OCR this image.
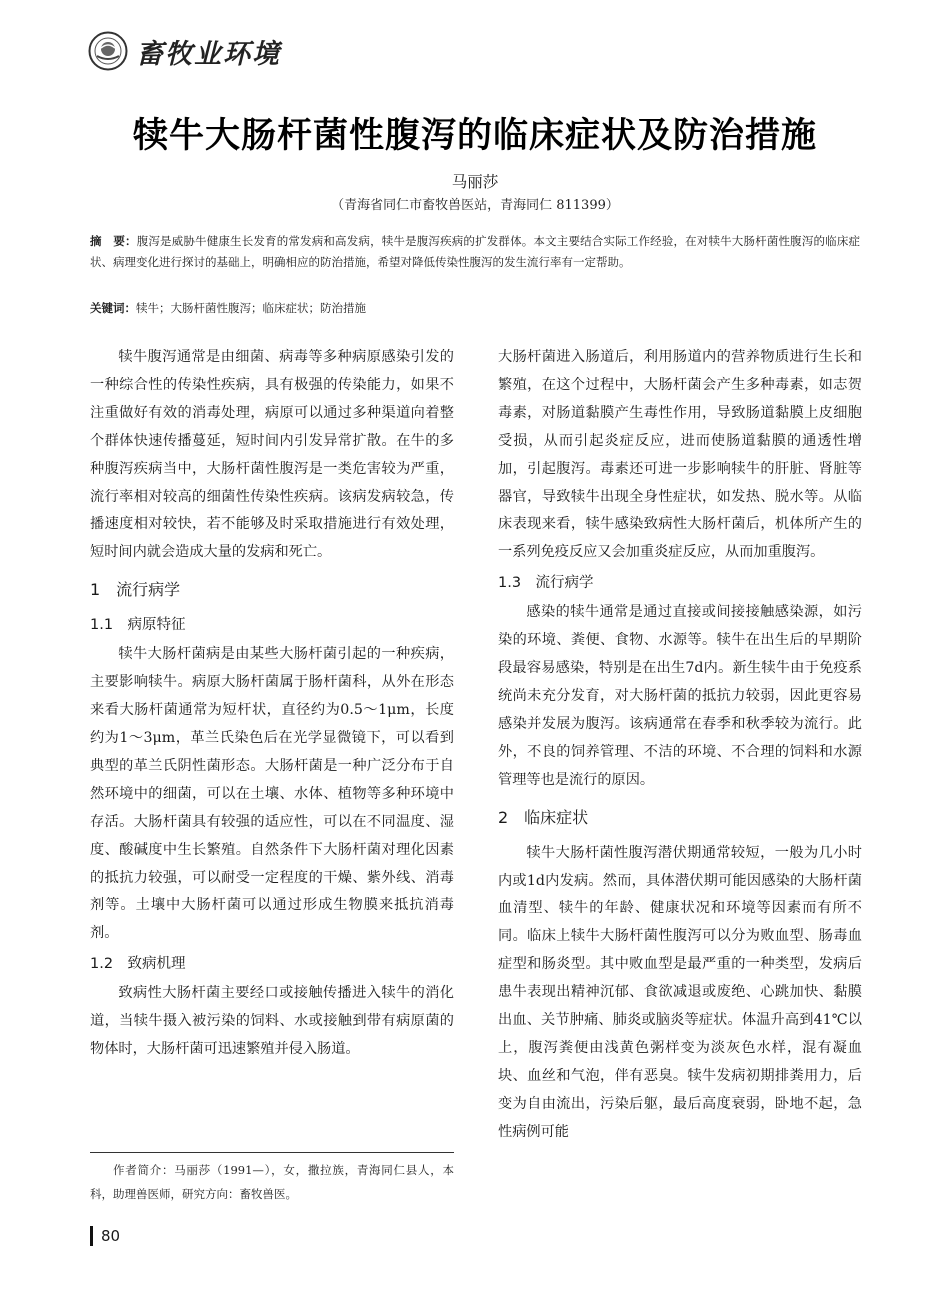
畜牧业环境
犊牛大肠杆菌性腹泻的临床症状及防治措施
马丽莎
（青海省同仁市畜牧兽医站，青海同仁 811399）
摘　要：腹泻是威胁牛健康生长发育的常发病和高发病，犊牛是腹泻疾病的扩发群体。本文主要结合实际工作经验，在对犊牛大肠杆菌性腹泻的临床症状、病理变化进行探讨的基础上，明确相应的防治措施，希望对降低传染性腹泻的发生流行率有一定帮助。
关键词：犊牛；大肠杆菌性腹泻；临床症状；防治措施

犊牛腹泻通常是由细菌、病毒等多种病原感染引发的一种综合性的传染性疾病，具有极强的传染能力，如果不注重做好有效的消毒处理，病原可以通过多种渠道向着整个群体快速传播蔓延，短时间内引发异常扩散。在牛的多种腹泻疾病当中，大肠杆菌性腹泻是一类危害较为严重，流行率相对较高的细菌性传染性疾病。该病发病较急，传播速度相对较快，若不能够及时采取措施进行有效处理，短时间内就会造成大量的发病和死亡。

1　流行病学
1.1　病原特征

犊牛大肠杆菌病是由某些大肠杆菌引起的一种疾病，主要影响犊牛。病原大肠杆菌属于肠杆菌科，从外在形态来看大肠杆菌通常为短杆状，直径约为0.5～1μm，长度约为1～3μm，革兰氏染色后在光学显微镜下，可以看到典型的革兰氏阴性菌形态。大肠杆菌是一种广泛分布于自然环境中的细菌，可以在土壤、水体、植物等多种环境中存活。大肠杆菌具有较强的适应性，可以在不同温度、湿度、酸碱度中生长繁殖。自然条件下大肠杆菌对理化因素的抵抗力较强，可以耐受一定程度的干燥、紫外线、消毒剂等。土壤中大肠杆菌可以通过形成生物膜来抵抗消毒剂。

1.2　致病机理

致病性大肠杆菌主要经口或接触传播进入犊牛的消化道，当犊牛摄入被污染的饲料、水或接触到带有病原菌的物体时，大肠杆菌可迅速繁殖并侵入肠道。

大肠杆菌进入肠道后，利用肠道内的营养物质进行生长和繁殖，在这个过程中，大肠杆菌会产生多种毒素，如志贺毒素，对肠道黏膜产生毒性作用，导致肠道黏膜上皮细胞受损，从而引起炎症反应，进而使肠道黏膜的通透性增加，引起腹泻。毒素还可进一步影响犊牛的肝脏、肾脏等器官，导致犊牛出现全身性症状，如发热、脱水等。从临床表现来看，犊牛感染致病性大肠杆菌后，机体所产生的一系列免疫反应又会加重炎症反应，从而加重腹泻。

1.3　流行病学

感染的犊牛通常是通过直接或间接接触感染源，如污染的环境、粪便、食物、水源等。犊牛在出生后的早期阶段最容易感染，特别是在出生7d内。新生犊牛由于免疫系统尚未充分发育，对大肠杆菌的抵抗力较弱，因此更容易感染并发展为腹泻。该病通常在春季和秋季较为流行。此外，不良的饲养管理、不洁的环境、不合理的饲料和水源管理等也是流行的原因。

2　临床症状

犊牛大肠杆菌性腹泻潜伏期通常较短，一般为几小时内或1d内发病。然而，具体潜伏期可能因感染的大肠杆菌血清型、犊牛的年龄、健康状况和环境等因素而有所不同。临床上犊牛大肠杆菌性腹泻可以分为败血型、肠毒血症型和肠炎型。其中败血型是最严重的一种类型，发病后患牛表现出精神沉郁、食欲减退或废绝、心跳加快、黏膜出血、关节肿痛、肺炎或脑炎等症状。体温升高到41℃以上，腹泻粪便由浅黄色粥样变为淡灰色水样，混有凝血块、血丝和气泡，伴有恶臭。犊牛发病初期排粪用力，后变为自由流出，污染后躯，最后高度衰弱，卧地不起，急性病例可能

作者简介：马丽莎（1991—），女，撒拉族，青海同仁县人，本科，助理兽医师，研究方向：畜牧兽医。
80
